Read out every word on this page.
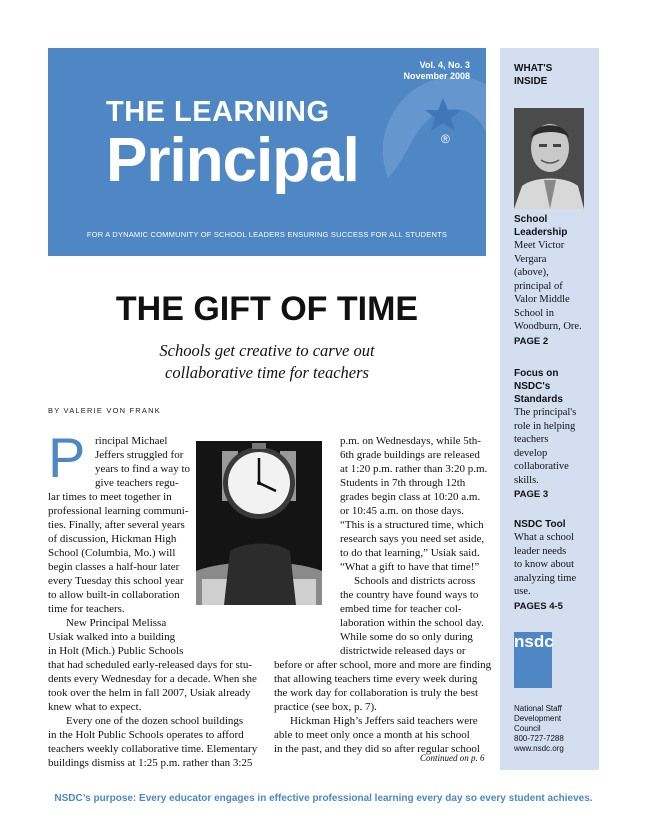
Vol. 4, No. 3
November 2008
THE LEARNING
Principal	®
FOR A DYNAMIC COMMUNITY OF SCHOOL LEADERS ENSURING SUCCESS FOR ALL STUDENTS
WHAT'S
INSIDE
School
Leadership
Meet Victor
Vergara
(above),
principal of
Valor Middle
School in
Woodburn, Ore.
PAGE 2
Focus on
NSDC's
Standards
The principal's
role in helping
teachers
develop
collaborative
skills.
PAGE 3
NSDC Tool
What a school
leader needs
to know about
analyzing time
use.
PAGES 4-5
nsdc
National Staff
Development
Council
800-727-7288
www.nsdc.org
THE GIFT OF TIME
Schools get creative to carve out
collaborative time for teachers
BY VALERIE VON FRANK
P rincipal Michael
Jeffers struggled for
years to find a way to
give teachers regu-
lar times to meet together in
professional learning communi-
ties. Finally, after several years
of discussion, Hickman High
School (Columbia, Mo.) will
begin classes a half-hour later
every Tuesday this school year
to allow built-in collaboration
time for teachers.
New Principal Melissa
Usiak walked into a building
in Holt (Mich.) Public Schools
that had scheduled early-released days for stu-
dents every Wednesday for a decade. When she
took over the helm in fall 2007, Usiak already
knew what to expect.
Every one of the dozen school buildings
in the Holt Public Schools operates to afford
teachers weekly collaborative time. Elementary
buildings dismiss at 1:25 p.m. rather than 3:25
p.m. on Wednesdays, while 5th-
6th grade buildings are released
at 1:20 p.m. rather than 3:20 p.m.
Students in 7th through 12th
grades begin class at 10:20 a.m.
or 10:45 a.m. on those days.
“This is a structured time, which
research says you need set aside,
to do that learning,” Usiak said.
“What a gift to have that time!”
Schools and districts across
the country have found ways to
embed time for teacher col-
laboration within the school day.
While some do so only during
districtwide released days or
before or after school, more and more are finding
that allowing teachers time every week during
the work day for collaboration is truly the best
practice (see box, p. 7).
Hickman High’s Jeffers said teachers were
able to meet only once a month at his school
in the past, and they did so after regular school
Continued on p. 6
NSDC’s purpose: Every educator engages in effective professional learning every day so every student achieves.
